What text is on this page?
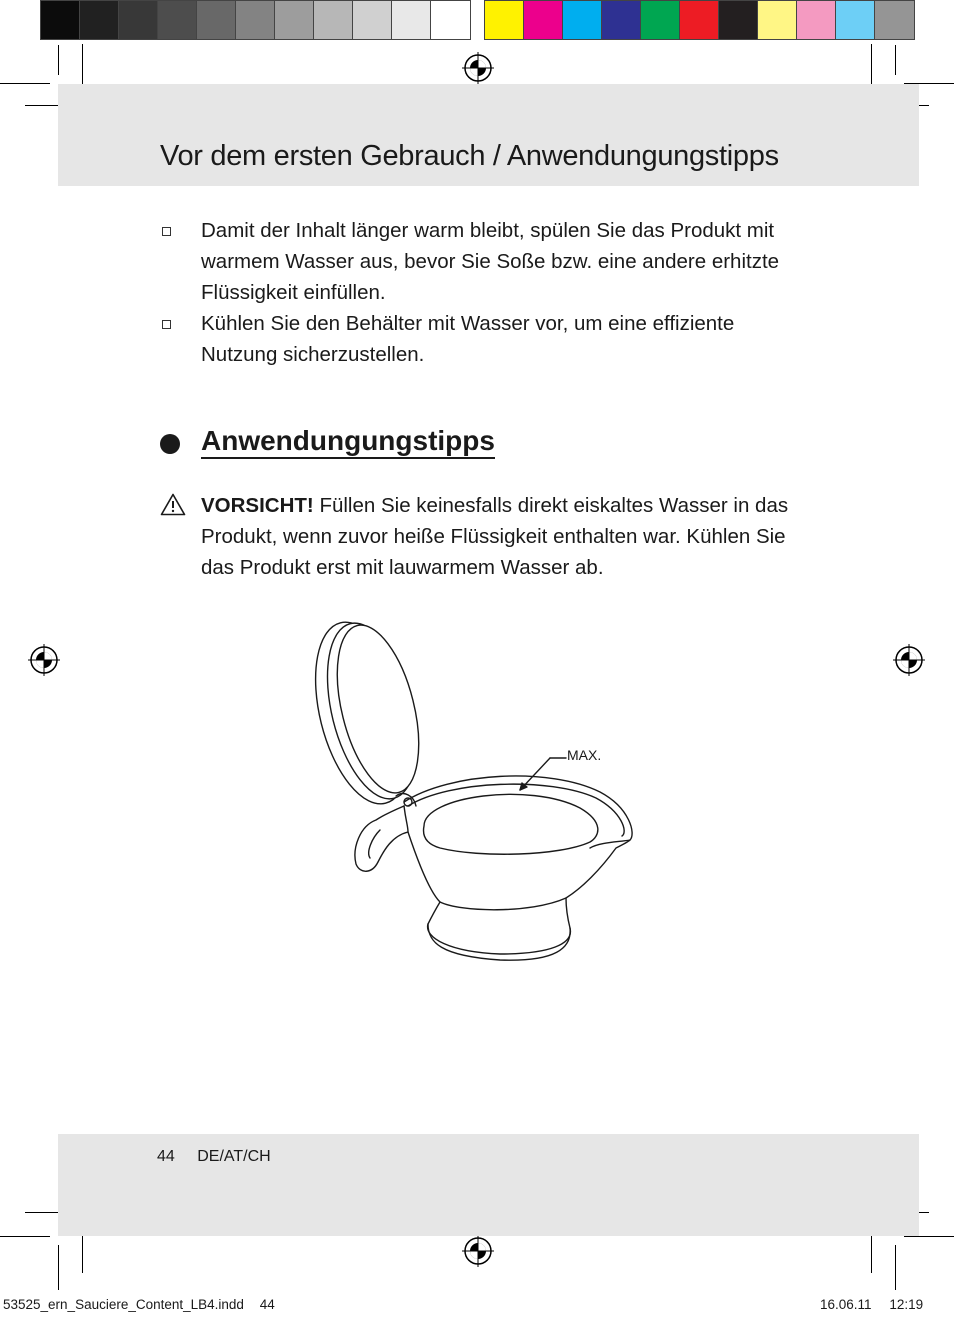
Vor dem ersten Gebrauch / Anwendungungstipps
Damit der Inhalt länger warm bleibt, spülen Sie das Produkt mit warmem Wasser aus, bevor Sie Soße bzw. eine andere erhitzte Flüssigkeit einfüllen.
Kühlen Sie den Behälter mit Wasser vor, um eine effiziente Nutzung sicherzustellen.
Anwendungungstipps
VORSICHT! Füllen Sie keinesfalls direkt eiskaltes Wasser in das Produkt, wenn zuvor heiße Flüssigkeit enthalten war. Kühlen Sie das Produkt erst mit lauwarmem Wasser ab.
MAX.
44 DE/AT/CH
53525_ern_Sauciere_Content_LB4.indd 44	16.06.11 12:19
